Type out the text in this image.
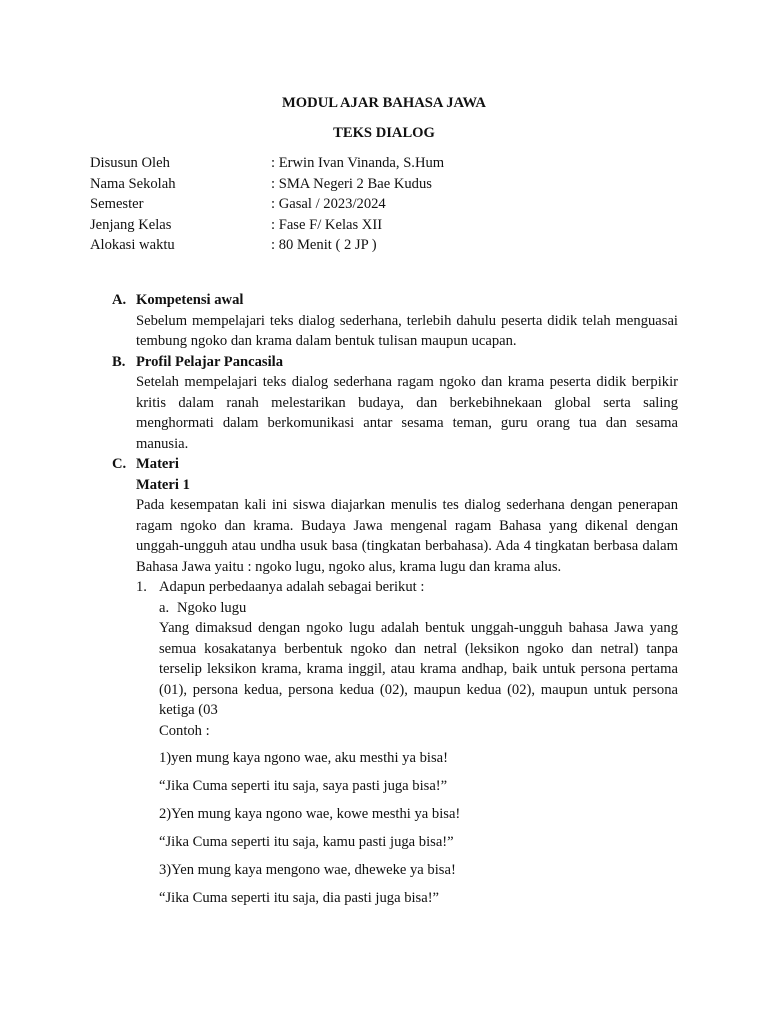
MODUL AJAR BAHASA JAWA
TEKS DIALOG
Disusun Oleh	: Erwin Ivan Vinanda, S.Hum
Nama Sekolah	: SMA Negeri 2 Bae Kudus
Semester	: Gasal / 2023/2024
Jenjang Kelas	: Fase F/ Kelas XII
Alokasi waktu	: 80 Menit ( 2 JP )
A. Kompetensi awal
Sebelum mempelajari teks dialog sederhana, terlebih dahulu peserta didik telah menguasai tembung ngoko dan krama dalam bentuk tulisan maupun ucapan.
B. Profil Pelajar Pancasila
Setelah mempelajari teks dialog sederhana ragam ngoko dan krama peserta didik berpikir kritis dalam ranah melestarikan budaya, dan berkebihnekaan global serta saling menghormati dalam berkomunikasi antar sesama teman, guru orang tua dan sesama manusia.
C. Materi
Materi 1
Pada kesempatan kali ini siswa diajarkan menulis tes dialog sederhana dengan penerapan ragam ngoko dan krama. Budaya Jawa mengenal ragam Bahasa yang dikenal dengan unggah-ungguh atau undha usuk basa (tingkatan berbahasa). Ada 4 tingkatan berbasa dalam Bahasa Jawa yaitu : ngoko lugu, ngoko alus, krama lugu dan krama alus.
1. Adapun perbedaanya adalah sebagai berikut :
a. Ngoko lugu
Yang dimaksud dengan ngoko lugu adalah bentuk unggah-ungguh bahasa Jawa yang semua kosakatanya berbentuk ngoko dan netral (leksikon ngoko dan netral) tanpa terselip leksikon krama, krama inggil, atau krama andhap, baik untuk persona pertama (01), persona kedua, persona kedua (02), maupun kedua (02), maupun untuk persona ketiga (03
Contoh :
1)yen mung kaya ngono wae, aku mesthi ya bisa!
“Jika Cuma seperti itu saja, saya pasti juga bisa!”
2)Yen mung kaya ngono wae, kowe mesthi ya bisa!
“Jika Cuma seperti itu saja, kamu pasti juga bisa!”
3)Yen mung kaya mengono wae, dheweke ya bisa!
“Jika Cuma seperti itu saja, dia pasti juga bisa!”
